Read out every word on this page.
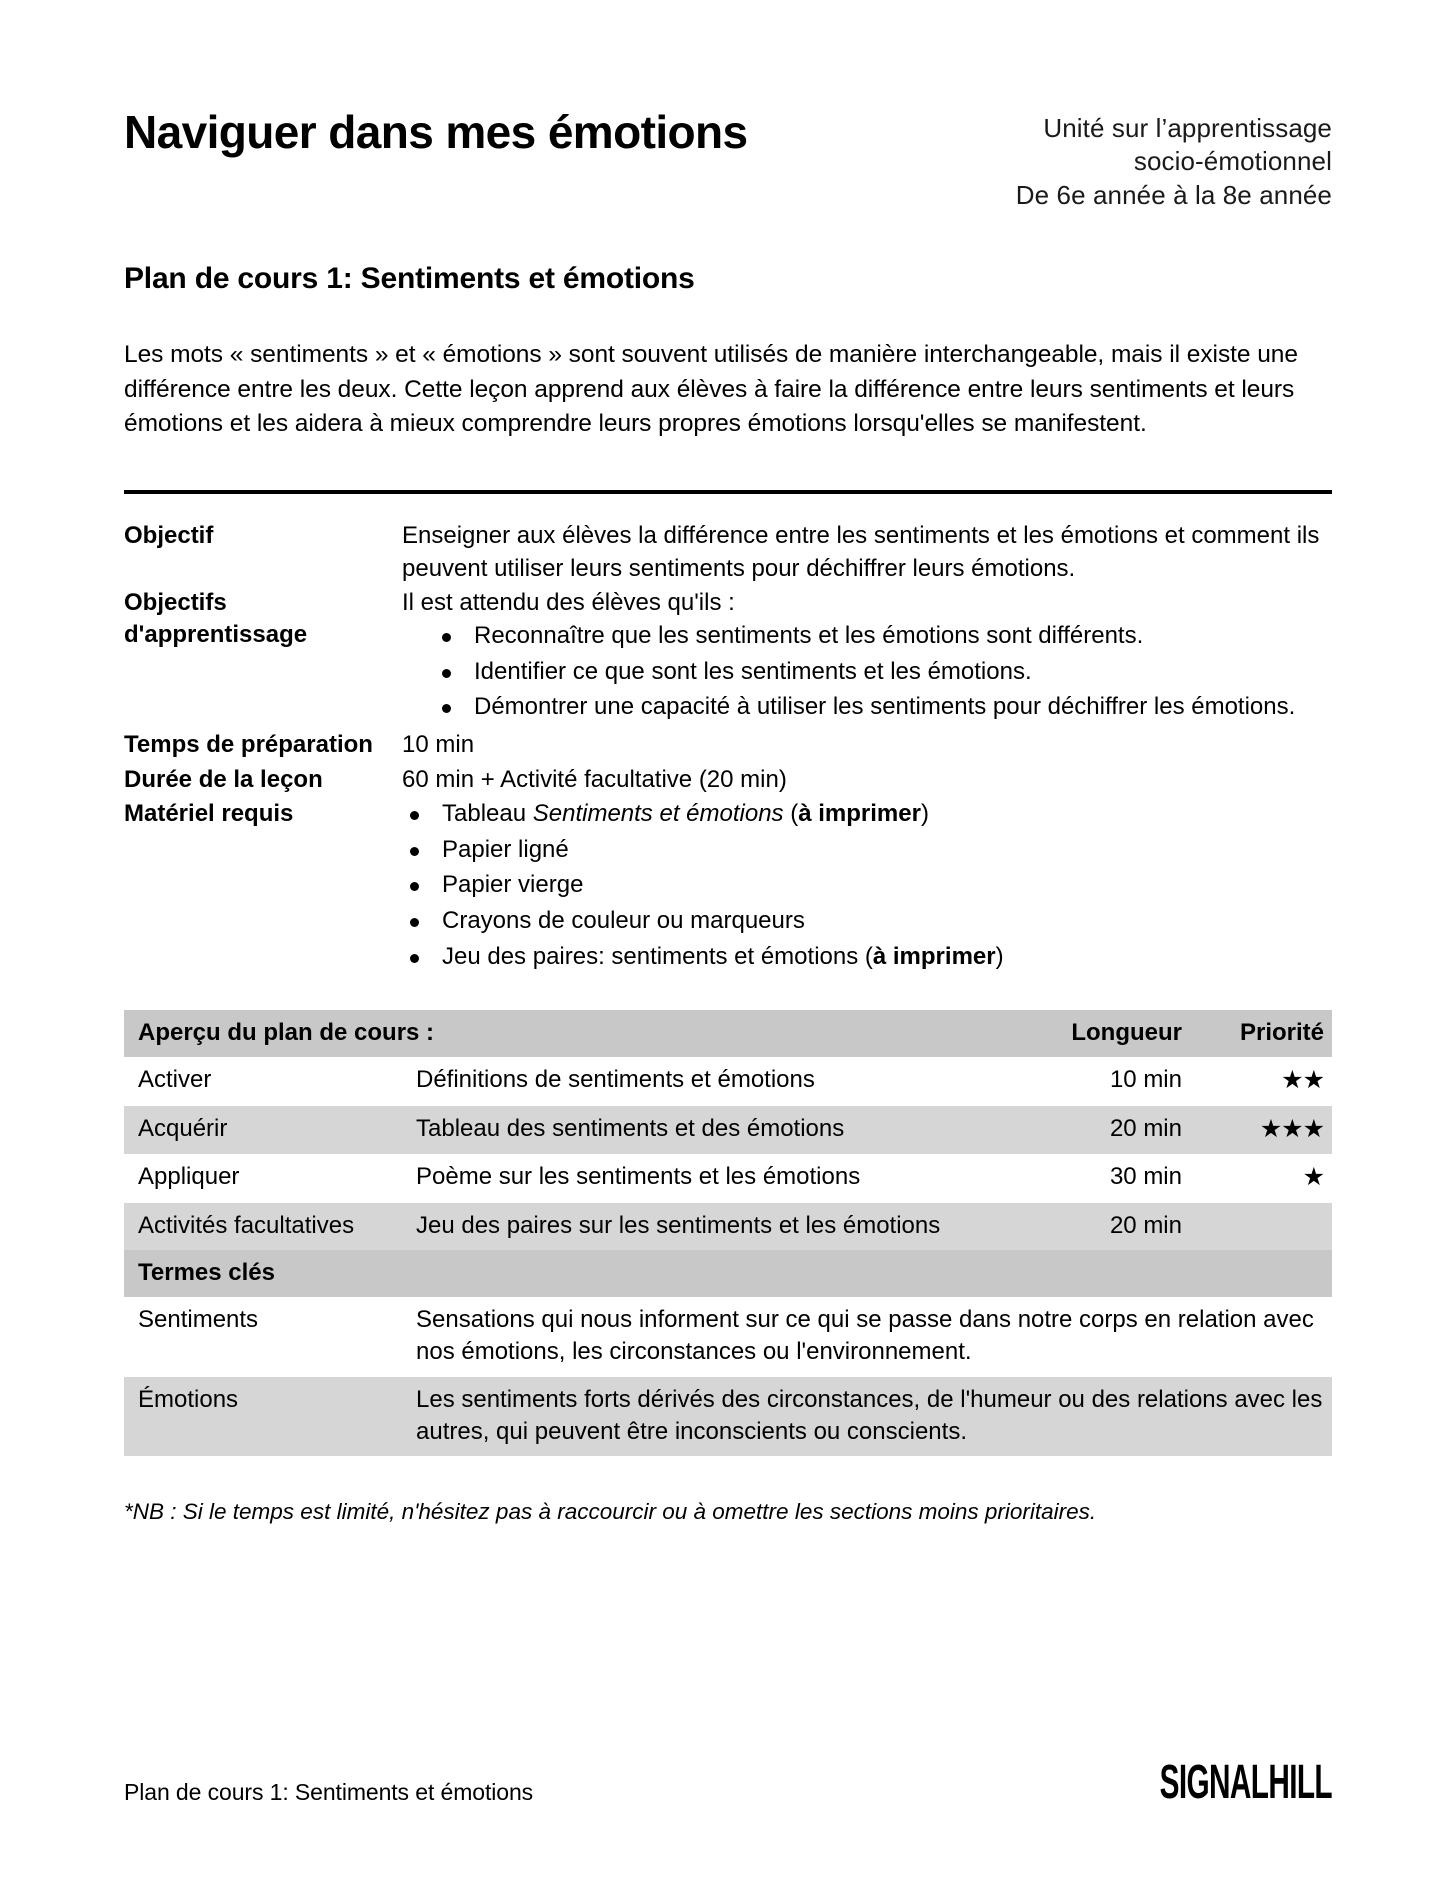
Naviguer dans mes émotions	Unité sur l’apprentissage
socio-émotionnel
De 6e année à la 8e année
Plan de cours 1: Sentiments et émotions
Les mots « sentiments » et « émotions » sont souvent utilisés de manière interchangeable, mais il existe une différence entre les deux. Cette leçon apprend aux élèves à faire la différence entre leurs sentiments et leurs émotions et les aidera à mieux comprendre leurs propres émotions lorsqu'elles se manifestent.
Objectif	Enseigner aux élèves la différence entre les sentiments et les émotions et comment ils peuvent utiliser leurs sentiments pour déchiffrer leurs émotions.
Objectifs
d'apprentissage

Il est attendu des élèves qu'ils :

Reconnaître que les sentiments et les émotions sont différents.
Identifier ce que sont les sentiments et les émotions.
Démontrer une capacité à utiliser les sentiments pour déchiffrer les émotions.
Temps de préparation	10 min
Durée de la leçon	60 min + Activité facultative (20 min)
Matériel requis	Tableau Sentiments et émotions (à imprimer)
Papier ligné
Papier vierge
Crayons de couleur ou marqueurs
Jeu des paires: sentiments et émotions (à imprimer)
Aperçu du plan de cours :		Longueur	Priorité
Activer	Définitions de sentiments et émotions	10 min	★★
Acquérir	Tableau des sentiments et des émotions	20 min	★★★
Appliquer	Poème sur les sentiments et les émotions	30 min	★
Activités facultatives	Jeu des paires sur les sentiments et les émotions	20 min	
Termes clés			
Sentiments	Sensations qui nous informent sur ce qui se passe dans notre corps en relation avec nos émotions, les circonstances ou l'environnement.		
Émotions	Les sentiments forts dérivés des circonstances, de l'humeur ou des relations avec les autres, qui peuvent être inconscients ou conscients.		
*NB : Si le temps est limité, n'hésitez pas à raccourcir ou à omettre les sections moins prioritaires.
Plan de cours 1: Sentiments et émotions	SIGNALHILL
